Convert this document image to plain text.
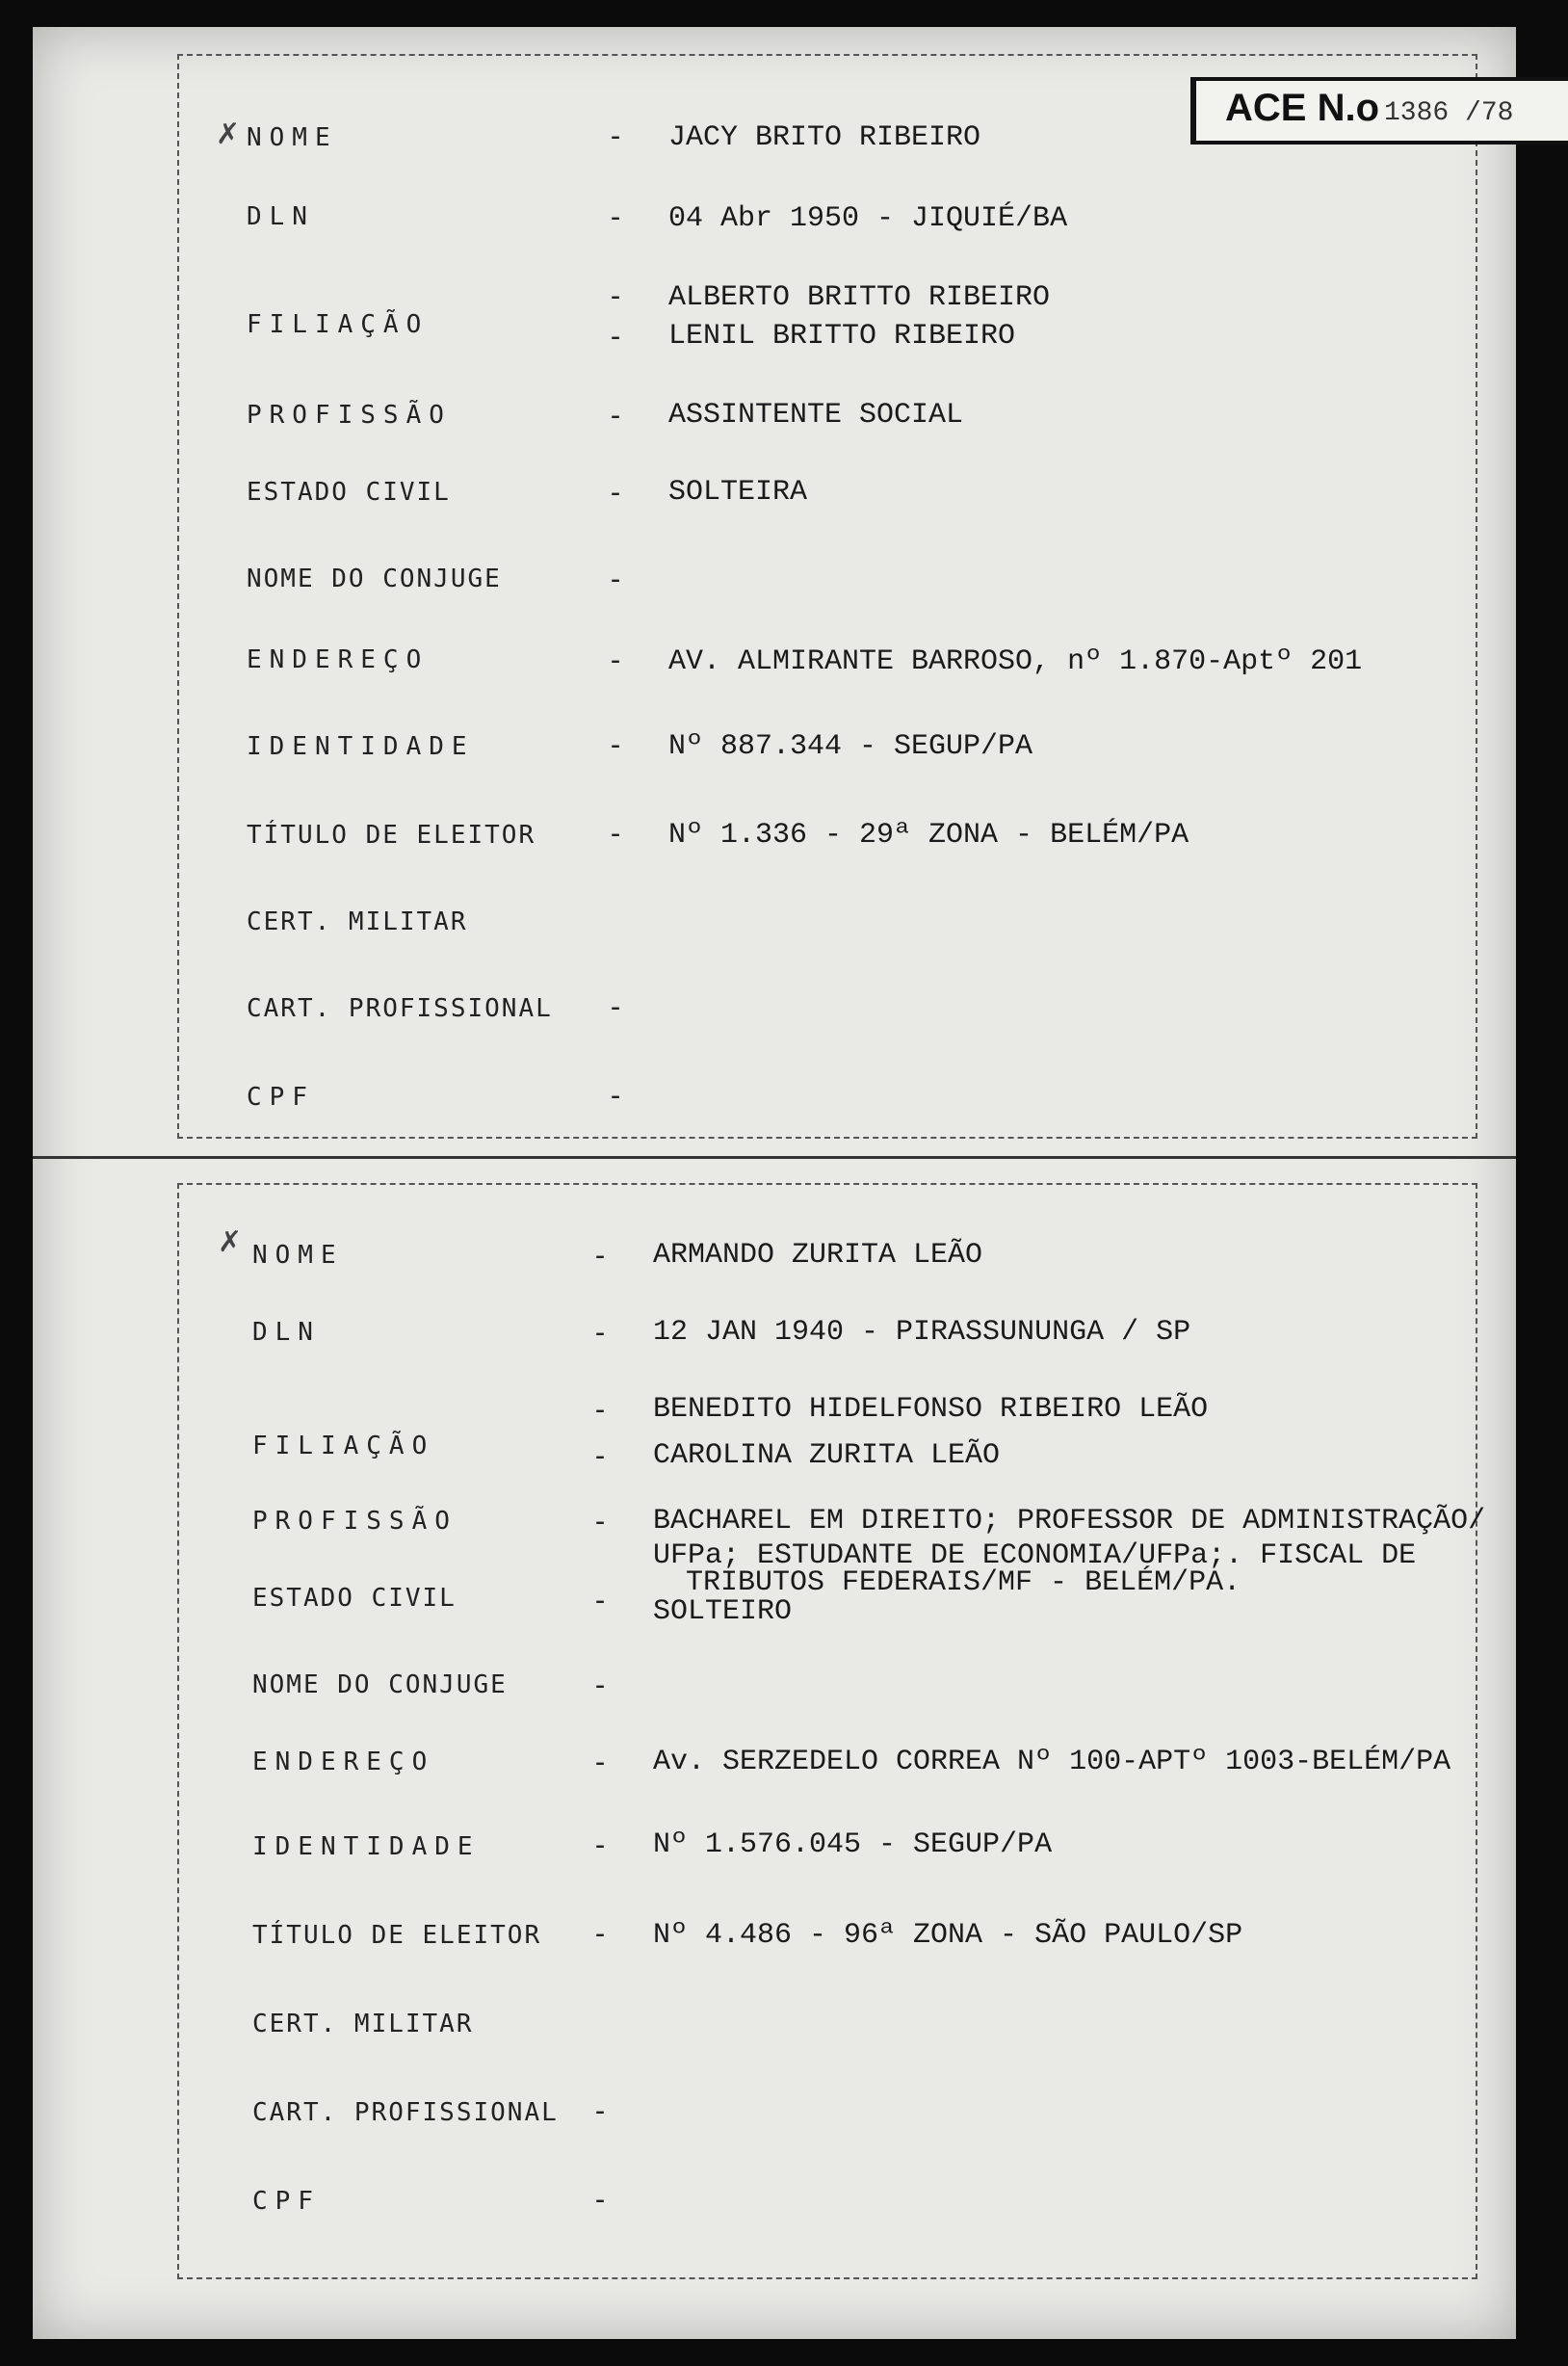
ACE N.o 1386 /78
✗ NOME	- JACY BRITO RIBEIRO
DLN	- 04 Abr 1950 - JIQUIÉ/BA
FILIAÇÃO
- ALBERTO BRITTO RIBEIRO
- LENIL BRITTO RIBEIRO
PROFISSÃO	- ASSINTENTE SOCIAL
ESTADO CIVIL	- SOLTEIRA
NOME DO CONJUGE	-
ENDEREÇO	- AV. ALMIRANTE BARROSO, nº 1.870-Aptº 201
IDENTIDADE	- Nº 887.344 - SEGUP/PA
TÍTULO DE ELEITOR - Nº 1.336 - 29ª ZONA - BELÉM/PA
CERT. MILITAR
CART. PROFISSIONAL -
CPF	-
✗ NOME	- ARMANDO ZURITA LEÃO
DLN	- 12 JAN 1940 - PIRASSUNUNGA / SP
FILIAÇÃO
- BENEDITO HIDELFONSO RIBEIRO LEÃO
- CAROLINA ZURITA LEÃO
PROFISSÃO	- BACHAREL EM DIREITO; PROFESSOR DE ADMINISTRAÇÃO/
UFPa; ESTUDANTE DE ECONOMIA/UFPa;. FISCAL DE
TRIBUTOS FEDERAIS/MF - BELÉM/PA.
ESTADO CIVIL	- SOLTEIRO
NOME DO CONJUGE	-
ENDEREÇO	- Av. SERZEDELO CORREA Nº 100-APTº 1003-BELÉM/PA
IDENTIDADE	- Nº 1.576.045 - SEGUP/PA
TÍTULO DE ELEITOR - Nº 4.486 - 96ª ZONA - SÃO PAULO/SP
CERT. MILITAR
CART. PROFISSIONAL -
CPF	-
